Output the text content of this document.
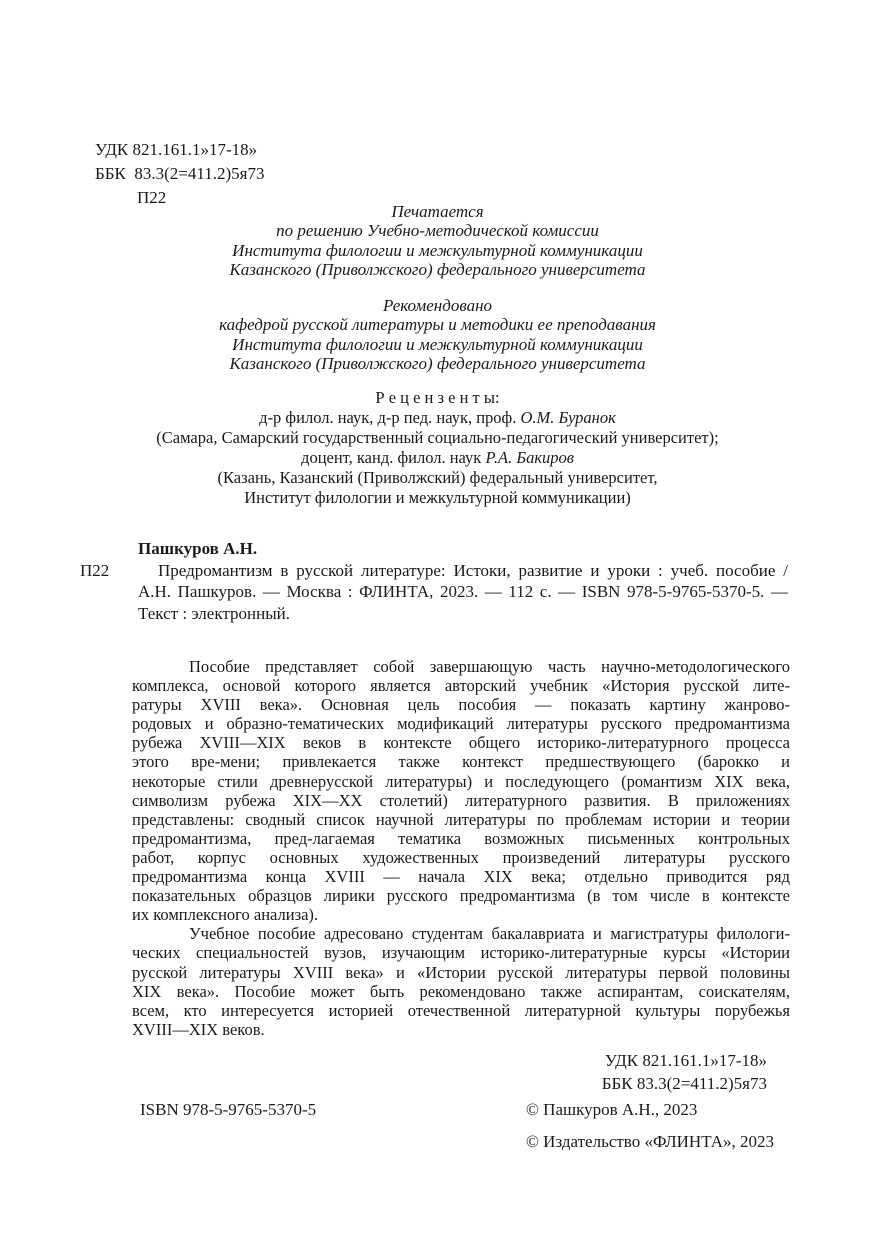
УДК 821.161.1»17-18»
ББК  83.3(2=411.2)5я73
П22
Печатается
по решению Учебно-методической комиссии
Института филологии и межкультурной коммуникации
Казанского (Приволжского) федерального университета
Рекомендовано
кафедрой русской литературы и методики ее преподавания
Института филологии и межкультурной коммуникации
Казанского (Приволжского) федерального университета
Р е ц е н з е н т ы:
д-р филол. наук, д-р пед. наук, проф. О.М. Буранок
(Самара, Самарский государственный социально-педагогический университет);
доцент, канд. филол. наук Р.А. Бакиров
(Казань, Казанский (Приволжский) федеральный университет,
Институт филологии и межкультурной коммуникации)
Пашкуров А.Н.
П22	Предромантизм в русской литературе: Истоки, развитие и уроки : учеб. пособие /
А.Н. Пашкуров. — Москва : ФЛИНТА, 2023. — 112 с. — ISBN 978-5-9765-5370-5. —
Текст : электронный.
Пособие представляет собой завершающую часть научно-методологического
комплекса, основой которого является авторский учебник «История русской лите-
ратуры XVIII века». Основная цель пособия — показать картину жанрово-
родовых и образно-тематических модификаций литературы русского предромантизма
рубежа XVIII—XIX веков в контексте общего историко-литературного процесса
этого вре-мени; привлекается также контекст предшествующего (барокко и
некоторые стили древнерусской литературы) и последующего (романтизм XIX века,
символизм рубежа XIX—XX столетий) литературного развития. В приложениях
представлены: сводный список научной литературы по проблемам истории и теории
предромантизма, пред-лагаемая тематика возможных письменных контрольных
работ, корпус основных художественных произведений литературы русского
предромантизма конца XVIII — начала XIX века; отдельно приводится ряд
показательных образцов лирики русского предромантизма (в том числе в контексте
их комплексного анализа).
Учебное пособие адресовано студентам бакалавриата и магистратуры филологи-
ческих специальностей вузов, изучающим историко-литературные курсы «Истории
русской литературы XVIII века» и «Истории русской литературы первой половины
XIX века». Пособие может быть рекомендовано также аспирантам, соискателям,
всем, кто интересуется историей отечественной литературной культуры порубежья
XVIII—XIX веков.
УДК 821.161.1»17-18»
ББК 83.3(2=411.2)5я73
ISBN 978-5-9765-5370-5	© Пашкуров А.Н., 2023
© Издательство «ФЛИНТА», 2023
